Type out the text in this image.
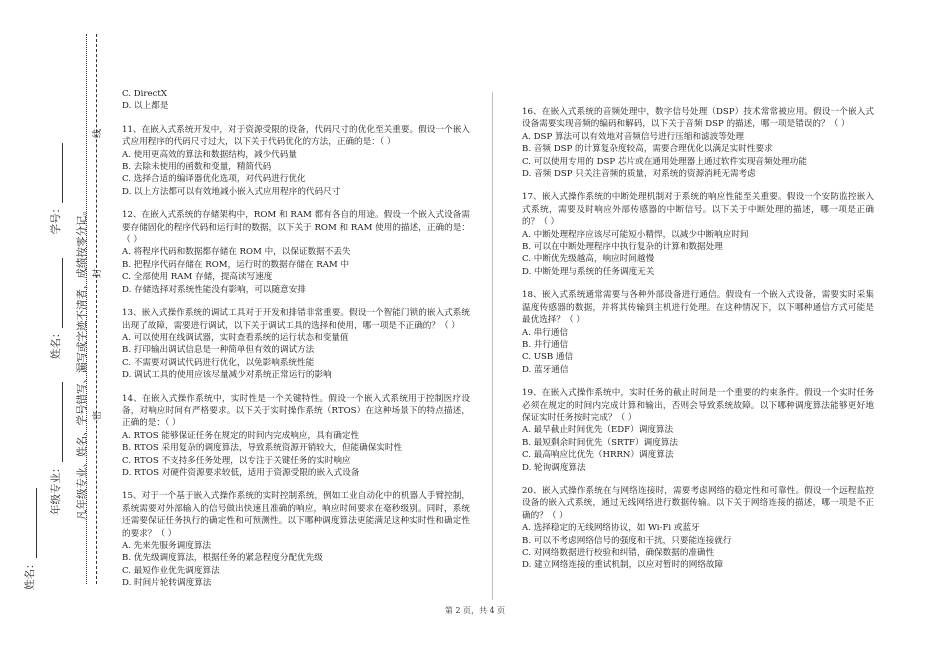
姓名：
年级专业： 姓名： 学号： 凡年级专业、姓名、学号错写、漏写或字迹不清者，成绩按零分记。 密
封
线

C. DirectX

D. 以上都是

11、在嵌入式系统开发中，对于资源受限的设备，代码尺寸的优化至关重要。假设一个嵌入式应用程序的代码尺寸过大，以下关于代码优化的方法，正确的是：（ ）

A. 使用更高效的算法和数据结构，减少代码量

B. 去除未使用的函数和变量，精简代码

C. 选择合适的编译器优化选项，对代码进行优化

D. 以上方法都可以有效地减小嵌入式应用程序的代码尺寸

12、在嵌入式系统的存储架构中，ROM 和 RAM 都有各自的用途。假设一个嵌入式设备需要存储固化的程序代码和运行时的数据，以下关于 ROM 和 RAM 使用的描述，正确的是：（ ）

A. 将程序代码和数据都存储在 ROM 中，以保证数据不丢失

B. 把程序代码存储在 ROM，运行时的数据存储在 RAM 中

C. 全部使用 RAM 存储，提高读写速度

D. 存储选择对系统性能没有影响，可以随意安排

13、嵌入式操作系统的调试工具对于开发和排错非常重要。假设一个智能门锁的嵌入式系统出现了故障，需要进行调试，以下关于调试工具的选择和使用，哪一项是不正确的？（ ）

A. 可以使用在线调试器，实时查看系统的运行状态和变量值

B. 打印输出调试信息是一种简单但有效的调试方法

C. 不需要对调试代码进行优化，以免影响系统性能

D. 调试工具的使用应该尽量减少对系统正常运行的影响

14、在嵌入式操作系统中，实时性是一个关键特性。假设一个嵌入式系统用于控制医疗设备，对响应时间有严格要求。以下关于实时操作系统（RTOS）在这种场景下的特点描述，正确的是：（ ）

A. RTOS 能够保证任务在规定的时间内完成响应，具有确定性

B. RTOS 采用复杂的调度算法，导致系统资源开销较大，但能确保实时性

C. RTOS 不支持多任务处理，以专注于关键任务的实时响应

D. RTOS 对硬件资源要求较低，适用于资源受限的嵌入式设备

15、对于一个基于嵌入式操作系统的实时控制系统，例如工业自动化中的机器人手臂控制，系统需要对外部输入的信号做出快速且准确的响应，响应时间要求在毫秒级别。同时，系统还需要保证任务执行的确定性和可预测性。以下哪种调度算法更能满足这种实时性和确定性的要求？（ ）

A. 先来先服务调度算法

B. 优先级调度算法，根据任务的紧急程度分配优先级

C. 最短作业优先调度算法

D. 时间片轮转调度算法

16、在嵌入式系统的音频处理中，数字信号处理（DSP）技术常常被应用。假设一个嵌入式设备需要实现音频的编码和解码，以下关于音频 DSP 的描述，哪一项是错误的？（ ）

A. DSP 算法可以有效地对音频信号进行压缩和滤波等处理

B. 音频 DSP 的计算复杂度较高，需要合理优化以满足实时性要求

C. 可以使用专用的 DSP 芯片或在通用处理器上通过软件实现音频处理功能

D. 音频 DSP 只关注音频的质量，对系统的资源消耗无需考虑

17、嵌入式操作系统的中断处理机制对于系统的响应性能至关重要。假设一个安防监控嵌入式系统，需要及时响应外部传感器的中断信号。以下关于中断处理的描述，哪一项是正确的？（ ）

A. 中断处理程序应该尽可能短小精悍，以减少中断响应时间

B. 可以在中断处理程序中执行复杂的计算和数据处理

C. 中断优先级越高，响应时间越慢

D. 中断处理与系统的任务调度无关

18、嵌入式系统通常需要与各种外部设备进行通信。假设有一个嵌入式设备，需要实时采集温度传感器的数据，并将其传输到主机进行处理。在这种情况下，以下哪种通信方式可能是最优选择？（ ）

A. 串行通信

B. 并行通信

C. USB 通信

D. 蓝牙通信

19、在嵌入式操作系统中，实时任务的截止时间是一个重要的约束条件。假设一个实时任务必须在规定的时间内完成计算和输出，否则会导致系统故障。以下哪种调度算法能够更好地保证实时任务按时完成？（ ）

A. 最早截止时间优先（EDF）调度算法

B. 最短剩余时间优先（SRTF）调度算法

C. 最高响应比优先（HRRN）调度算法

D. 轮询调度算法

20、嵌入式操作系统在与网络连接时，需要考虑网络的稳定性和可靠性。假设一个远程监控设备的嵌入式系统，通过无线网络进行数据传输。以下关于网络连接的描述，哪一项是不正确的？（ ）

A. 选择稳定的无线网络协议，如 Wi-Fi 或蓝牙

B. 可以不考虑网络信号的强度和干扰，只要能连接就行

C. 对网络数据进行校验和纠错，确保数据的准确性

D. 建立网络连接的重试机制，以应对暂时的网络故障

第 2 页，共 4 页
